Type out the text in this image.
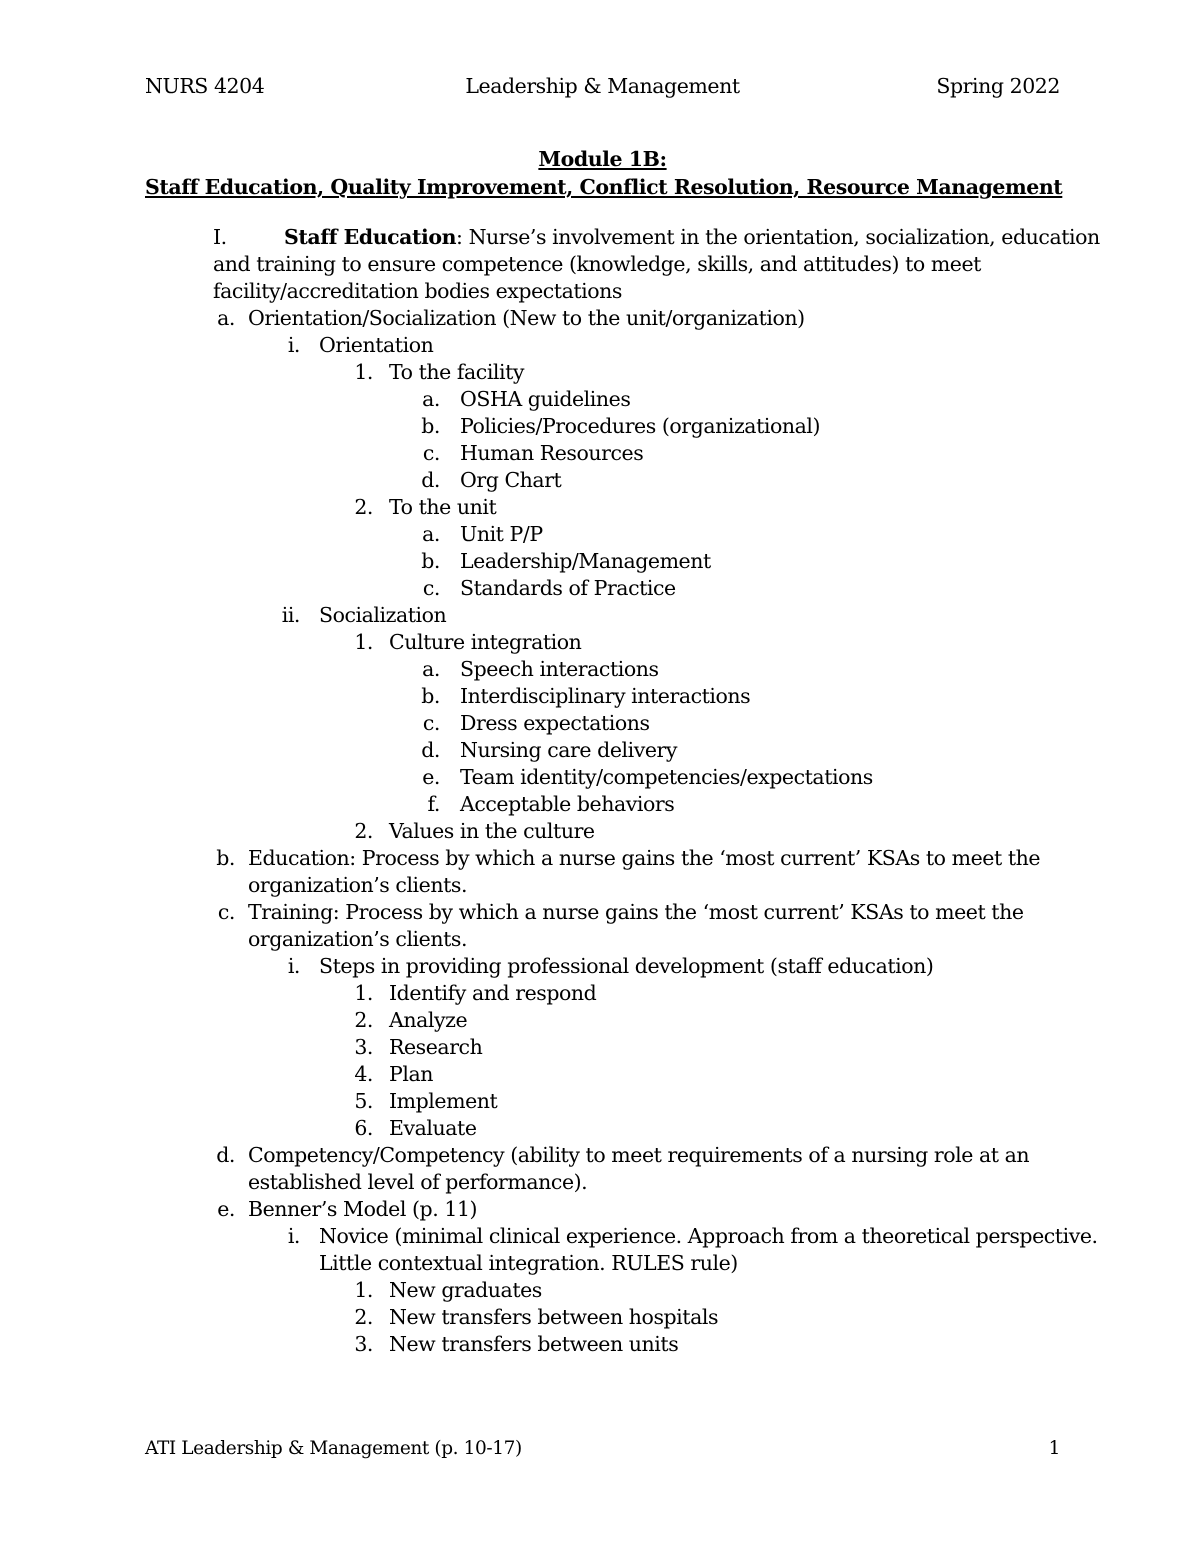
NURS 4204	Leadership & Management	Spring 2022
Module 1B:
Staff Education, Quality Improvement, Conflict Resolution, Resource Management
I.	Staff Education: Nurse’s involvement in the orientation, socialization, education
and training to ensure competence (knowledge, skills, and attitudes) to meet
facility/accreditation bodies expectations
a. Orientation/Socialization (New to the unit/organization)
i. Orientation
1. To the facility
a. OSHA guidelines
b. Policies/Procedures (organizational)
c. Human Resources
d. Org Chart
2. To the unit
a. Unit P/P
b. Leadership/Management
c. Standards of Practice
ii. Socialization
1. Culture integration
a. Speech interactions
b. Interdisciplinary interactions
c. Dress expectations
d. Nursing care delivery
e. Team identity/competencies/expectations
f. Acceptable behaviors
2. Values in the culture
b. Education: Process by which a nurse gains the ‘most current’ KSAs to meet the
organization’s clients.
c. Training: Process by which a nurse gains the ‘most current’ KSAs to meet the
organization’s clients.
i. Steps in providing professional development (staff education)
1. Identify and respond
2. Analyze
3. Research
4. Plan
5. Implement
6. Evaluate
d. Competency/Competency (ability to meet requirements of a nursing role at an
established level of performance).
e. Benner’s Model (p. 11)
i. Novice (minimal clinical experience. Approach from a theoretical perspective.
Little contextual integration. RULES rule)
1. New graduates
2. New transfers between hospitals
3. New transfers between units
ATI Leadership & Management (p. 10-17)	1
